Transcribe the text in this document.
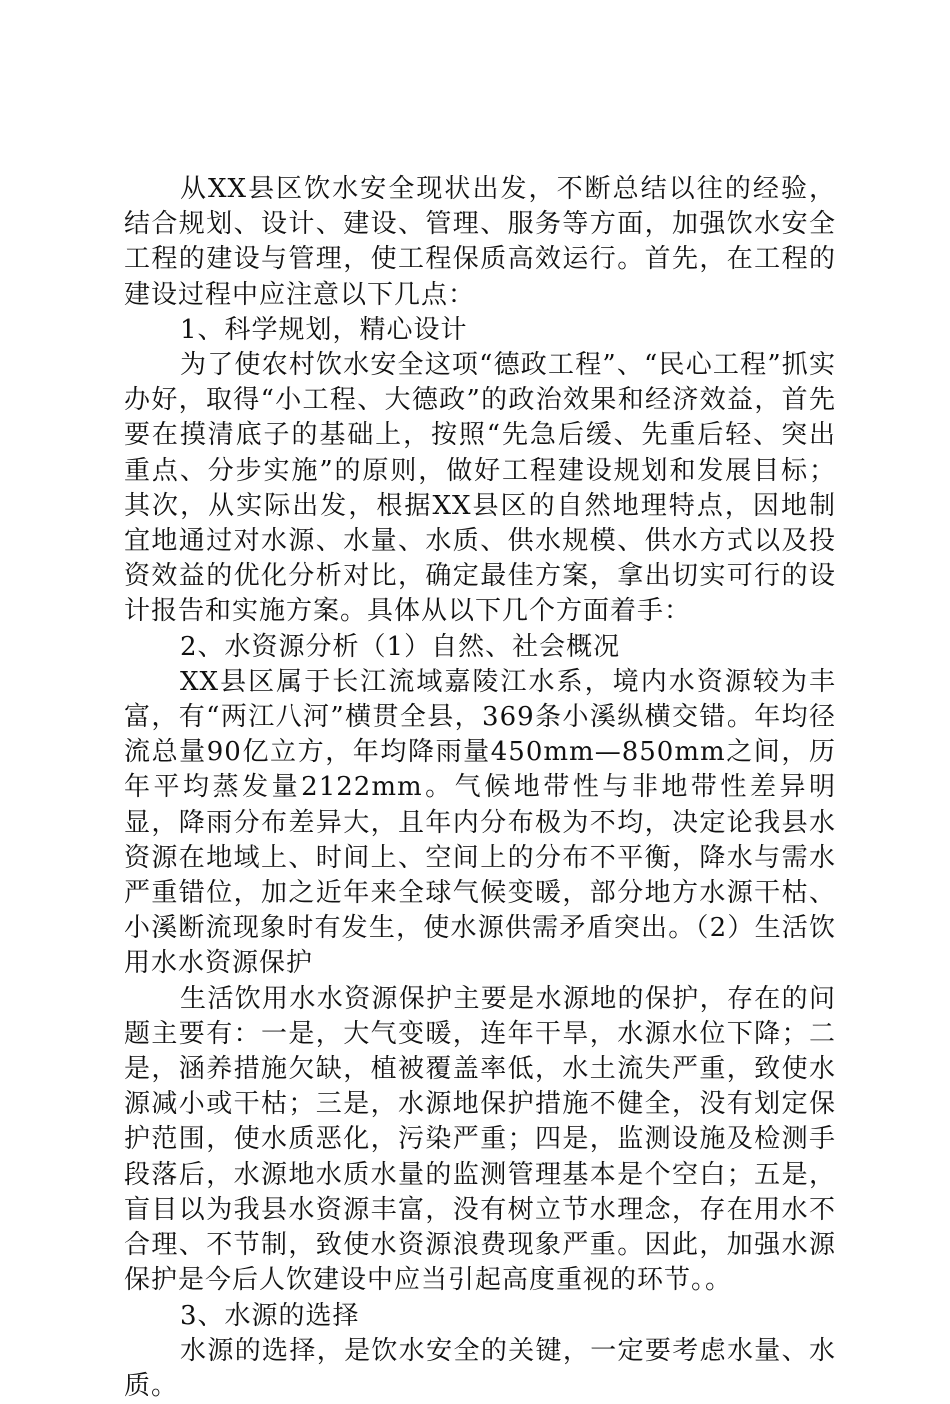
从XX县区饮水安全现状出发，不断总结以往的经验，结合规划、设计、建设、管理、服务等方面，加强饮水安全工程的建设与管理，使工程保质高效运行。首先，在工程的建设过程中应注意以下几点：

1、科学规划，精心设计

为了使农村饮水安全这项“德政工程”、“民心工程”抓实办好，取得“小工程、大德政”的政治效果和经济效益，首先要在摸清底子的基础上，按照“先急后缓、先重后轻、突出重点、分步实施”的原则，做好工程建设规划和发展目标；其次，从实际出发，根据XX县区的自然地理特点，因地制宜地通过对水源、水量、水质、供水规模、供水方式以及投资效益的优化分析对比，确定最佳方案，拿出切实可行的设计报告和实施方案。具体从以下几个方面着手：

2、水资源分析（1）自然、社会概况

XX县区属于长江流域嘉陵江水系，境内水资源较为丰富，有“两江八河”横贯全县，369条小溪纵横交错。年均径流总量90亿立方，年均降雨量450mm—850mm之间，历年平均蒸发量2122mm。气候地带性与非地带性差异明显，降雨分布差异大，且年内分布极为不均，决定论我县水资源在地域上、时间上、空间上的分布不平衡，降水与需水严重错位，加之近年来全球气候变暖，部分地方水源干枯、小溪断流现象时有发生，使水源供需矛盾突出。（2）生活饮用水水资源保护

生活饮用水水资源保护主要是水源地的保护，存在的问题主要有：一是，大气变暖，连年干旱，水源水位下降；二是，涵养措施欠缺，植被覆盖率低，水土流失严重，致使水源减小或干枯；三是，水源地保护措施不健全，没有划定保护范围，使水质恶化，污染严重；四是，监测设施及检测手段落后，水源地水质水量的监测管理基本是个空白；五是，盲目以为我县水资源丰富，没有树立节水理念，存在用水不合理、不节制，致使水资源浪费现象严重。因此，加强水源保护是今后人饮建设中应当引起高度重视的环节。。

3、水源的选择

水源的选择，是饮水安全的关键，一定要考虑水量、水质。
